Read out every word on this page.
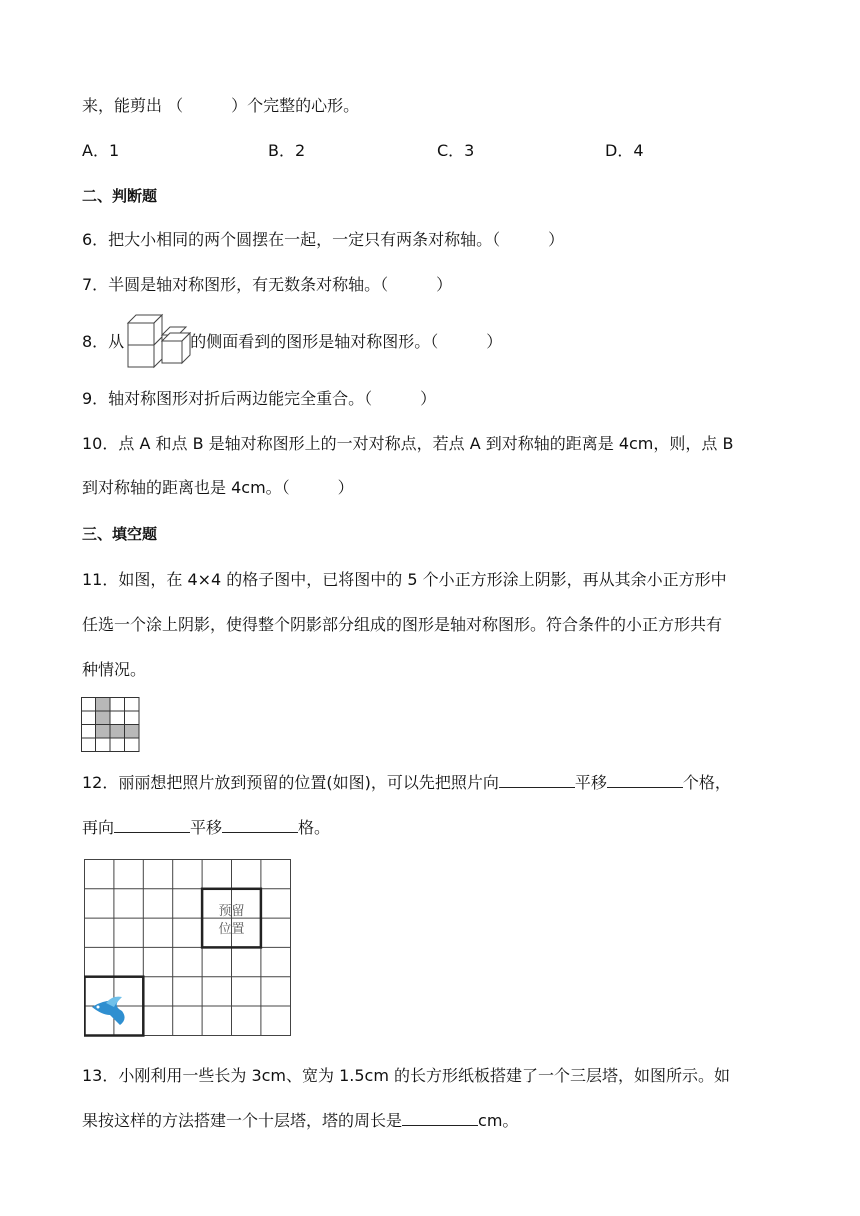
来，能剪出 （　　　）个完整的心形。
A．1	B．2	C．3	D．4
二、判断题
6．把大小相同的两个圆摆在一起，一定只有两条对称轴。（　　　）
7．半圆是轴对称图形，有无数条对称轴。（　　　）
8．从	的侧面看到的图形是轴对称图形。（　　　）
9．轴对称图形对折后两边能完全重合。（　　　）
10．点 A 和点 B 是轴对称图形上的一对对称点，若点 A 到对称轴的距离是 4cm，则，点 B
到对称轴的距离也是 4cm。（　　　）
三、填空题
11．如图，在 4×4 的格子图中，已将图中的 5 个小正方形涂上阴影，再从其余小正方形中
任选一个涂上阴影，使得整个阴影部分组成的图形是轴对称图形。符合条件的小正方形共有
种情况。
12．丽丽想把照片放到预留的位置(如图)，可以先把照片向	平移	个格，
再向	平移	格。
预留
位置
13．小刚利用一些长为 3cm、宽为 1.5cm 的长方形纸板搭建了一个三层塔，如图所示。如
果按这样的方法搭建一个十层塔，塔的周长是	cm。
